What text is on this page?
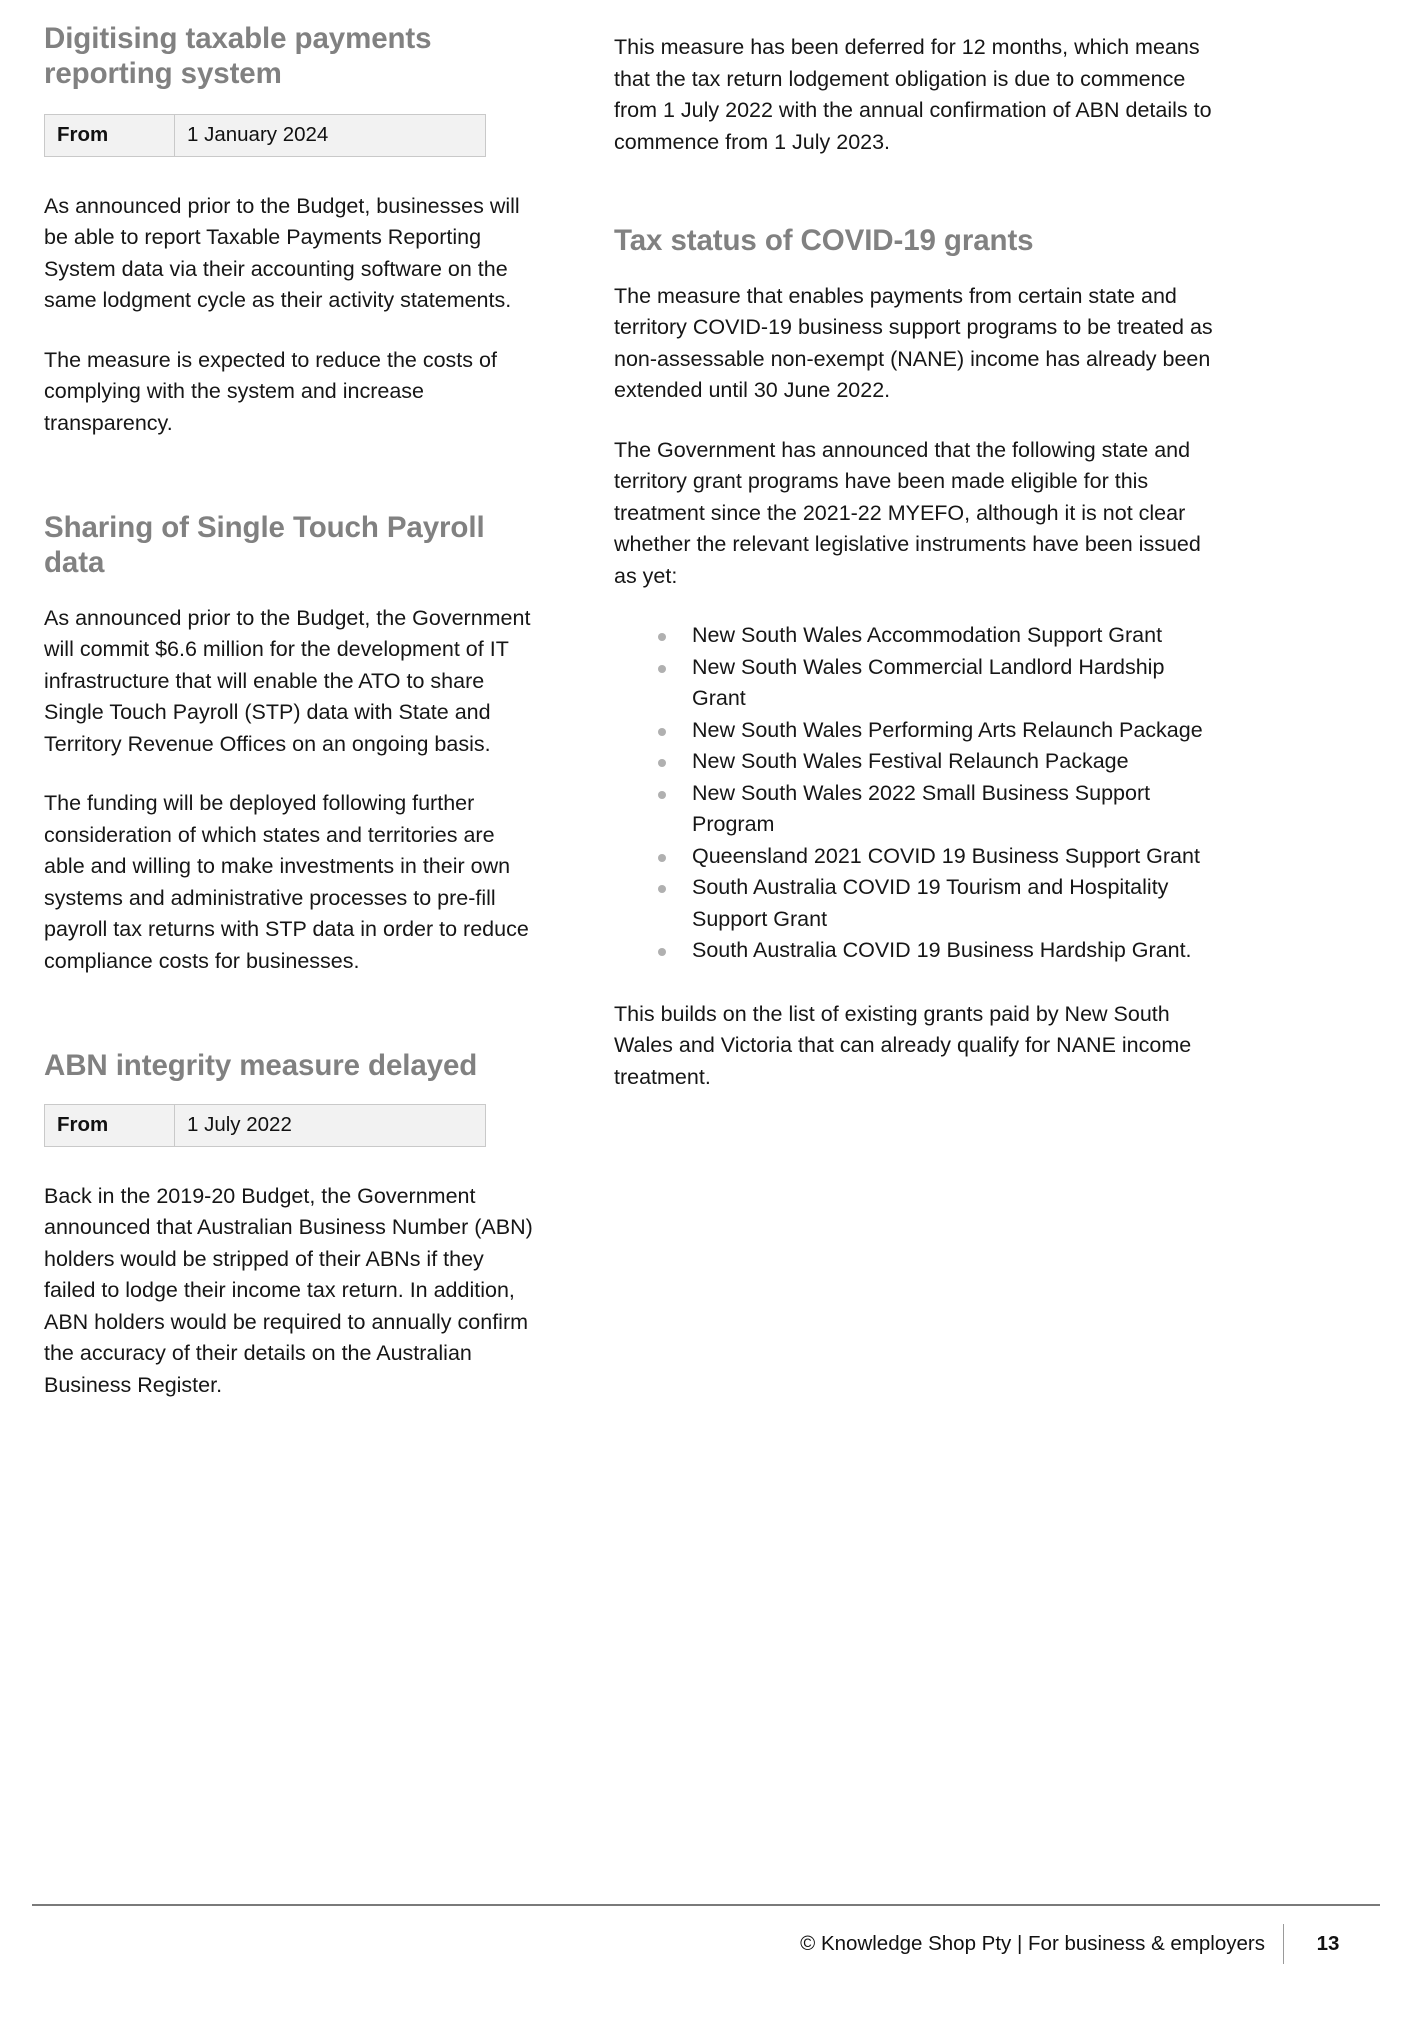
Digitising taxable payments reporting system
From	1 January 2024

As announced prior to the Budget, businesses will be able to report Taxable Payments Reporting System data via their accounting software on the same lodgment cycle as their activity statements.

The measure is expected to reduce the costs of complying with the system and increase transparency.

Sharing of Single Touch Payroll data

As announced prior to the Budget, the Government will commit $6.6 million for the development of IT infrastructure that will enable the ATO to share Single Touch Payroll (STP) data with State and Territory Revenue Offices on an ongoing basis.

The funding will be deployed following further consideration of which states and territories are able and willing to make investments in their own systems and administrative processes to pre-fill payroll tax returns with STP data in order to reduce compliance costs for businesses.

ABN integrity measure delayed
From	1 July 2022

Back in the 2019-20 Budget, the Government announced that Australian Business Number (ABN) holders would be stripped of their ABNs if they failed to lodge their income tax return. In addition, ABN holders would be required to annually confirm the accuracy of their details on the Australian Business Register.

This measure has been deferred for 12 months, which means that the tax return lodgement obligation is due to commence from 1 July 2022 with the annual confirmation of ABN details to commence from 1 July 2023.

Tax status of COVID-19 grants

The measure that enables payments from certain state and territory COVID-19 business support programs to be treated as non-assessable non-exempt (NANE) income has already been extended until 30 June 2022.

The Government has announced that the following state and territory grant programs have been made eligible for this treatment since the 2021-22 MYEFO, although it is not clear whether the relevant legislative instruments have been issued as yet:

New South Wales Accommodation Support Grant
New South Wales Commercial Landlord Hardship Grant
New South Wales Performing Arts Relaunch Package
New South Wales Festival Relaunch Package
New South Wales 2022 Small Business Support Program
Queensland 2021 COVID 19 Business Support Grant
South Australia COVID 19 Tourism and Hospitality Support Grant
South Australia COVID 19 Business Hardship Grant.

This builds on the list of existing grants paid by New South Wales and Victoria that can already qualify for NANE income treatment.

© Knowledge Shop Pty | For business & employers	13
